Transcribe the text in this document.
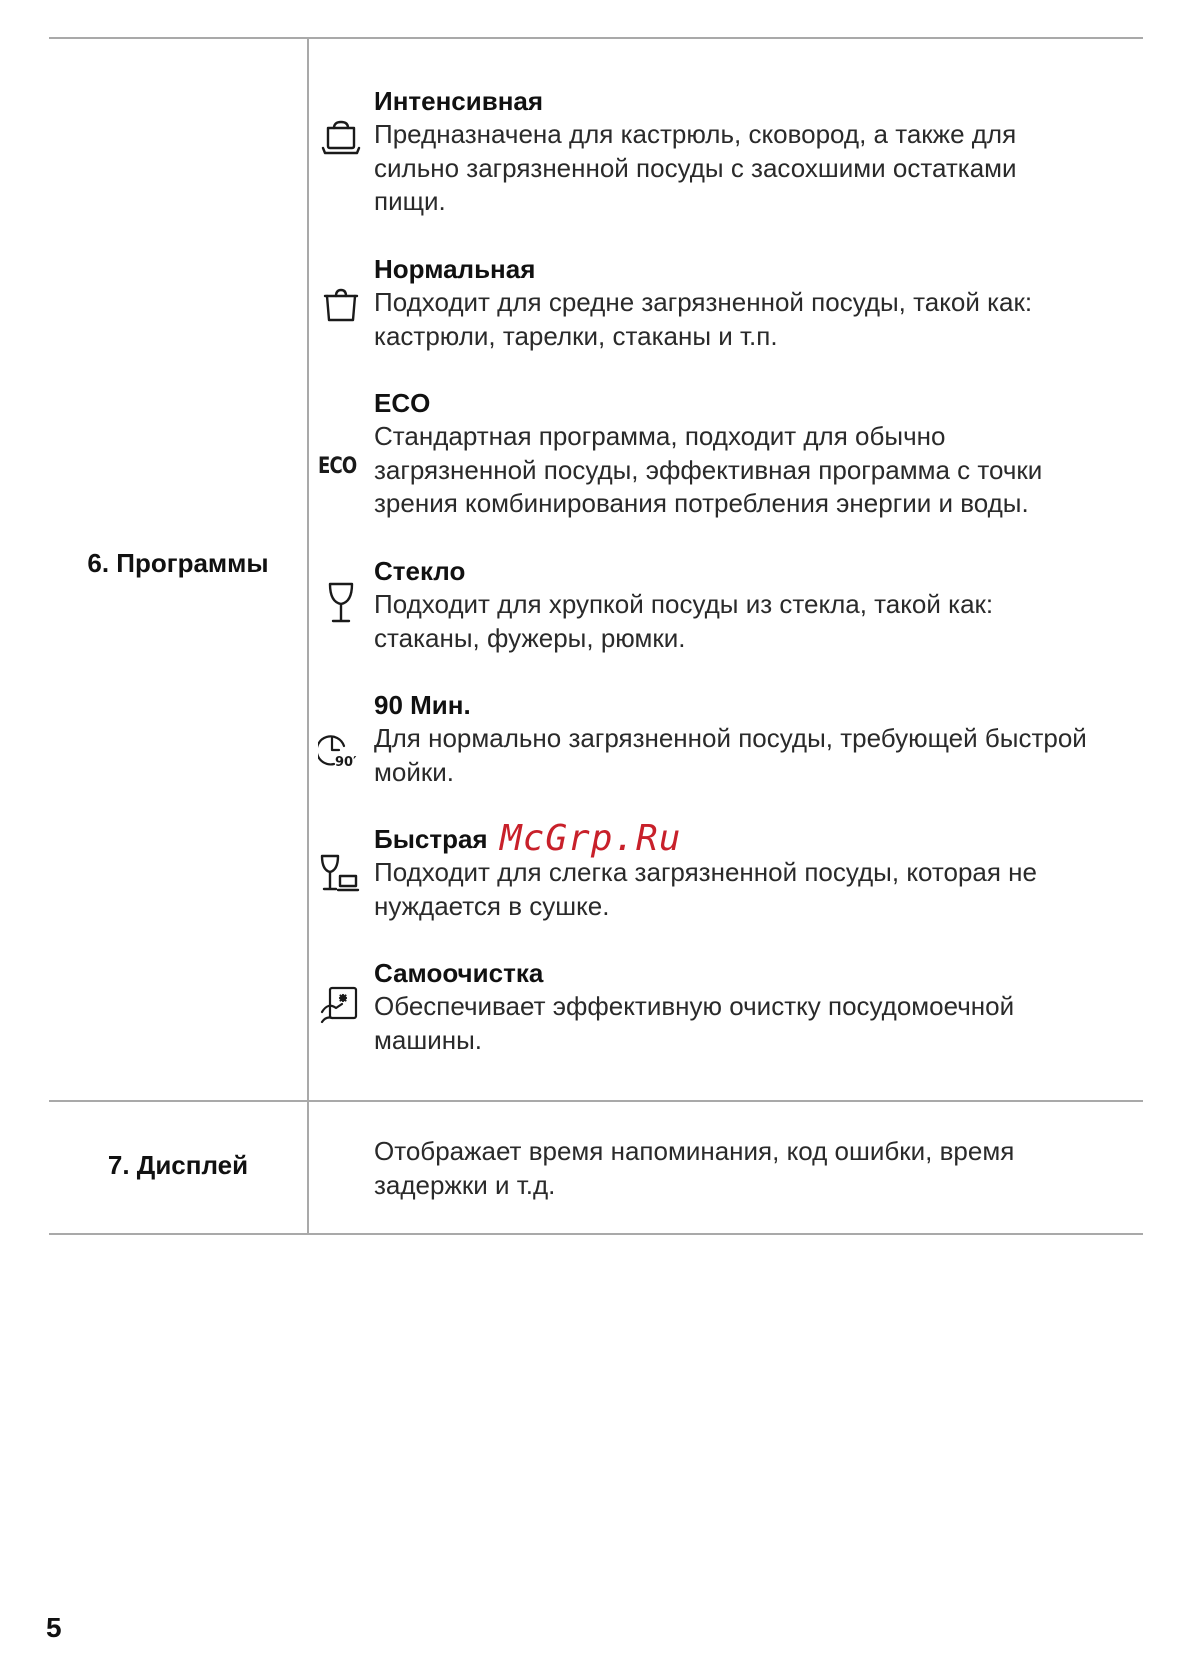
6. Программы
Интенсивная
Предназначена для кастрюль, сковород, а также для сильно загрязненной посуды с засохшими остатками пищи.
Нормальная
Подходит для средне загрязненной посуды, такой как: кастрюли, тарелки, стаканы и т.п.
ECO
ECO
Стандартная программа, подходит для обычно загрязненной посуды, эффективная программа с точки зрения комбинирования потребления энергии и воды.
Стекло
Подходит для хрупкой посуды из стекла, такой как: стаканы, фужеры, рюмки.
90′
90 Мин.
Для нормально загрязненной посуды, требующей быстрой мойки.
Быстрая
Подходит для слегка загрязненной посуды, которая не нуждается в сушке.
Самоочистка
Обеспечивает эффективную очистку посудомоечной машины.
McGrp.Ru
7. Дисплей	Отображает время напоминания, код ошибки, время задержки и т.д.
5
